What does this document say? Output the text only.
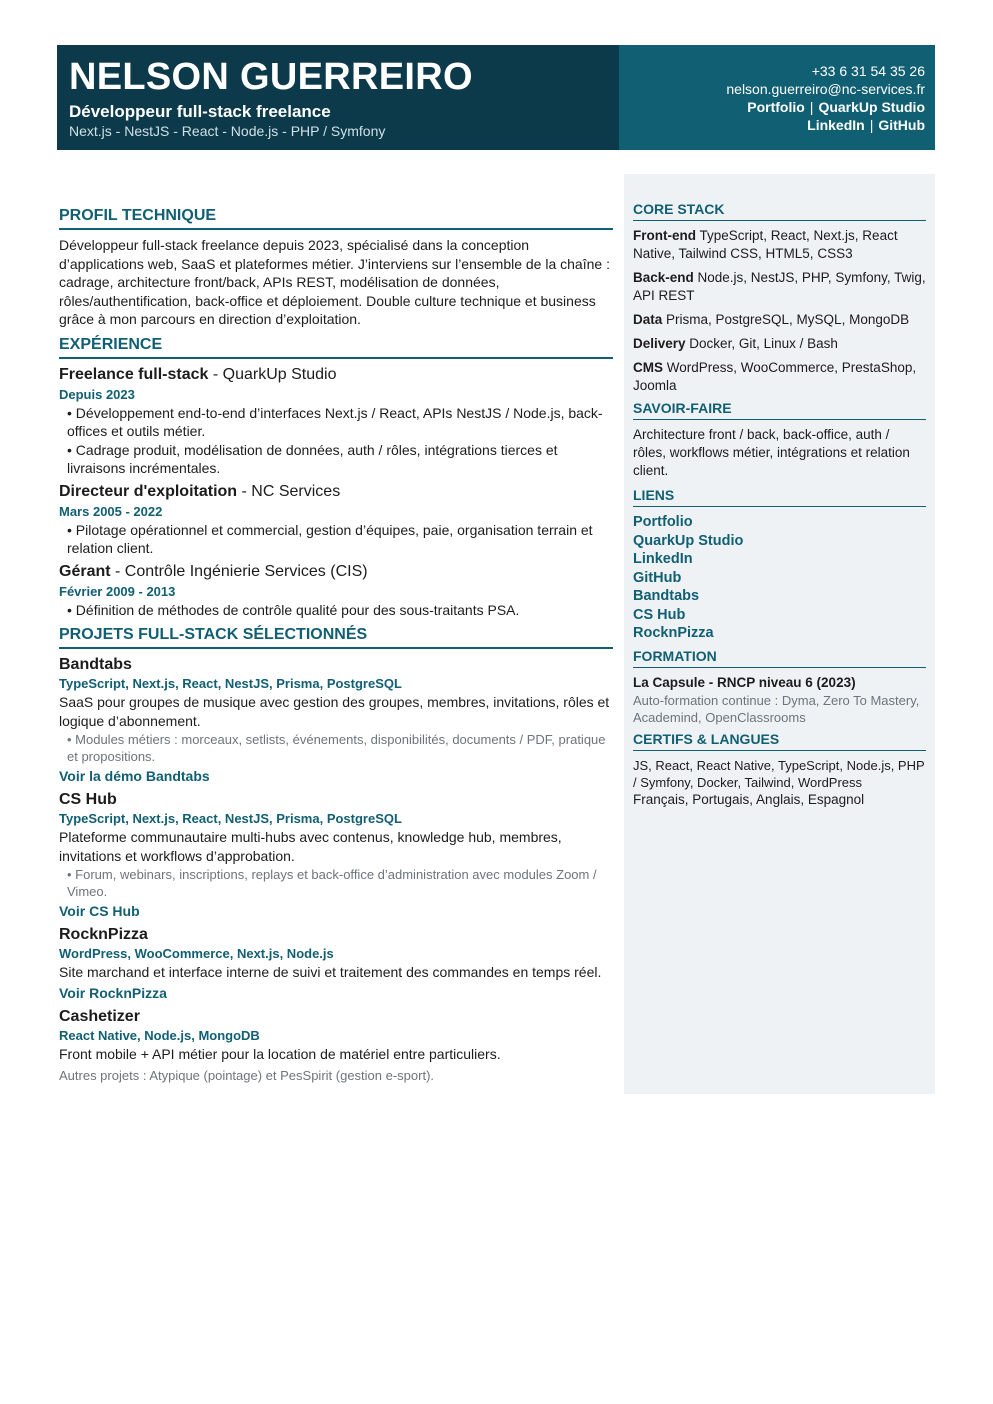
NELSON GUERREIRO
Développeur full-stack freelance
Next.js - NestJS - React - Node.js - PHP / Symfony
+33 6 31 54 35 26
nelson.guerreiro@nc-services.fr
Portfolio | QuarkUp Studio
LinkedIn | GitHub
PROFIL TECHNIQUE

Développeur full-stack freelance depuis 2023, spécialisé dans la conception d’applications web, SaaS et plateformes métier. J’interviens sur l’ensemble de la chaîne : cadrage, architecture front/back, APIs REST, modélisation de données, rôles/authentification, back-office et déploiement. Double culture technique et business grâce à mon parcours en direction d’exploitation.

EXPÉRIENCE
Freelance full-stack - QuarkUp Studio
Depuis 2023
• Développement end-to-end d’interfaces Next.js / React, APIs NestJS / Node.js, back-offices et outils métier.
• Cadrage produit, modélisation de données, auth / rôles, intégrations tierces et livraisons incrémentales.
Directeur d'exploitation - NC Services
Mars 2005 - 2022
• Pilotage opérationnel et commercial, gestion d’équipes, paie, organisation terrain et relation client.
Gérant - Contrôle Ingénierie Services (CIS)
Février 2009 - 2013
• Définition de méthodes de contrôle qualité pour des sous-traitants PSA.
PROJETS FULL-STACK SÉLECTIONNÉS
Bandtabs
TypeScript, Next.js, React, NestJS, Prisma, PostgreSQL
SaaS pour groupes de musique avec gestion des groupes, membres, invitations, rôles et logique d’abonnement.
• Modules métiers : morceaux, setlists, événements, disponibilités, documents / PDF, pratique et propositions.
Voir la démo Bandtabs
CS Hub
TypeScript, Next.js, React, NestJS, Prisma, PostgreSQL
Plateforme communautaire multi-hubs avec contenus, knowledge hub, membres, invitations et workflows d’approbation.
• Forum, webinars, inscriptions, replays et back-office d’administration avec modules Zoom / Vimeo.
Voir CS Hub
RocknPizza
WordPress, WooCommerce, Next.js, Node.js
Site marchand et interface interne de suivi et traitement des commandes en temps réel.
Voir RocknPizza
Cashetizer
React Native, Node.js, MongoDB
Front mobile + API métier pour la location de matériel entre particuliers.
Autres projets : Atypique (pointage) et PesSpirit (gestion e-sport).
CORE STACK
Front-end TypeScript, React, Next.js, React Native, Tailwind CSS, HTML5, CSS3
Back-end Node.js, NestJS, PHP, Symfony, Twig, API REST
Data Prisma, PostgreSQL, MySQL, MongoDB
Delivery Docker, Git, Linux / Bash
CMS WordPress, WooCommerce, PrestaShop, Joomla
SAVOIR-FAIRE
Architecture front / back, back-office, auth / rôles, workflows métier, intégrations et relation client.
LIENS
Portfolio
QuarkUp Studio
LinkedIn
GitHub
Bandtabs
CS Hub
RocknPizza
FORMATION
La Capsule - RNCP niveau 6 (2023)
Auto-formation continue : Dyma, Zero To Mastery, Academind, OpenClassrooms
CERTIFS & LANGUES
JS, React, React Native, TypeScript, Node.js, PHP / Symfony, Docker, Tailwind, WordPress
Français, Portugais, Anglais, Espagnol
